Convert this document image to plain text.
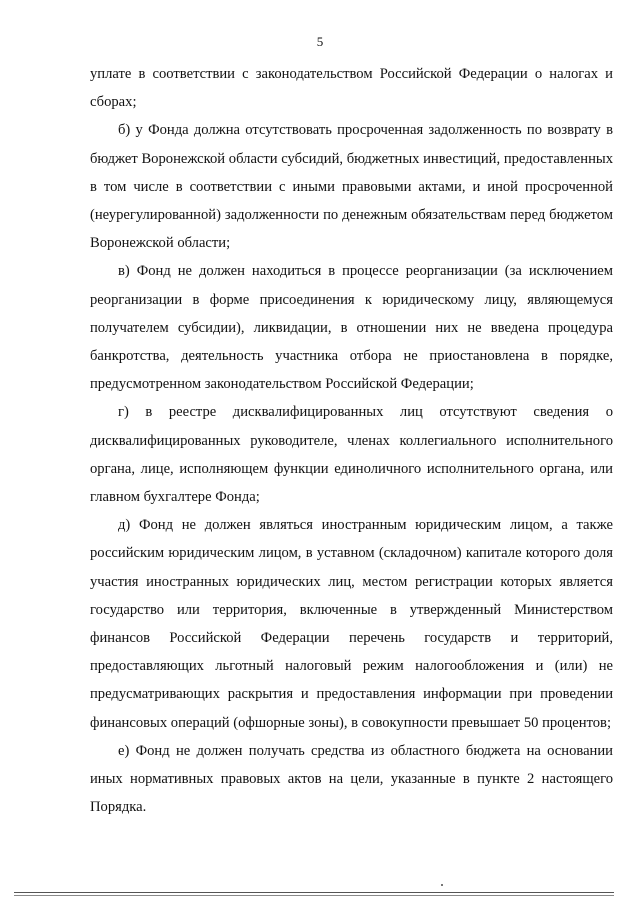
5

уплате в соответствии с законодательством Российской Федерации о налогах и сборах;

б) у Фонда должна отсутствовать просроченная задолженность по возврату в бюджет Воронежской области субсидий, бюджетных инвестиций, предоставленных в том числе в соответствии с иными правовыми актами, и иной просроченной (неурегулированной) задолженности по денежным обязательствам перед бюджетом Воронежской области;

в) Фонд не должен находиться в процессе реорганизации (за исключением реорганизации в форме присоединения к юридическому лицу, являющемуся получателем субсидии), ликвидации, в отношении них не введена процедура банкротства, деятельность участника отбора не приостановлена в порядке, предусмотренном законодательством Российской Федерации;

г) в реестре дисквалифицированных лиц отсутствуют сведения о дисквалифицированных руководителе, членах коллегиального исполнительного органа, лице, исполняющем функции единоличного исполнительного органа, или главном бухгалтере Фонда;

д) Фонд не должен являться иностранным юридическим лицом, а также российским юридическим лицом, в уставном (складочном) капитале которого доля участия иностранных юридических лиц, местом регистрации которых является государство или территория, включенные в утвержденный Министерством финансов Российской Федерации перечень государств и территорий, предоставляющих льготный налоговый режим налогообложения и (или) не предусматривающих раскрытия и предоставления информации при проведении финансовых операций (офшорные зоны), в совокупности превышает 50 процентов;

е) Фонд не должен получать средства из областного бюджета на основании иных нормативных правовых актов на цели, указанные в пункте 2 настоящего Порядка.
